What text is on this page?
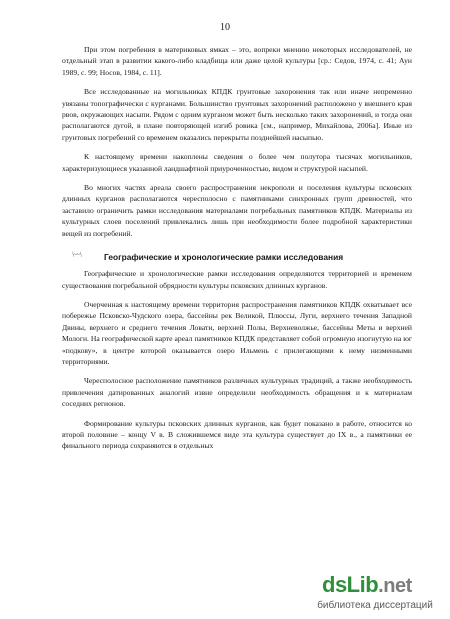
10

При этом погребения в материковых ямках – это, вопреки мнению некоторых исследователей, не отдельный этап в развитии какого-либо кладбища или даже целой культуры [ср.: Седов, 1974, с. 41; Аун 1989, с. 99; Носов, 1984, с. 11].

Все исследованные на могильниках КПДК грунтовые захоронения так или иначе непременно увязаны топографически с курганами. Большинство грунтовых захоронений расположено у внешнего края рвов, окружающих насыпи. Рядом с одним курганом может быть несколько таких захоронений, и тогда они располагаются дугой, в плане повторяющей изгиб ровика [см., например, Михайлова, 2006а]. Иные из грунтовых погребений со временем оказались перекрыты позднейшей насыпью.

К настоящему времени накоплены сведения о более чем полутора тысячах могильников, характеризующиеся указанной ландшафтной приуроченностью, видом и структурой насыпей.

Во многих частях ареала своего распространения некрополи и поселения культуры псковских длинных курганов располагаются чересполосно с памятниками синхронных групп древностей, что заставило ограничить рамки исследования материалами погребальных памятников КПДК. Материалы из культурных слоев поселений привлекались лишь при необходимости более подробной характеристики вещей из погребений.

\~~\	Географические и хронологические рамки исследования

Географические и хронологические рамки исследования определяются территорией и временем существования погребальной обрядности культуры псковских длинных курганов.

Очерченная к настоящему времени территория распространения памятников КПДК охватывает все побережье Псковско-Чудского озера, бассейны рек Великой, Плюссы, Луги, верхнего течения Западной Двины, верхнего и среднего течения Ловати, верхней Полы, Верхневолжье, бассейны Меты и верхней Мологи. На географической карте ареал памятников КПДК представляет собой огромную изогнутую на юг «подкову», в центре которой оказывается озеро Ильмень с прилегающими к нему низменными территориями.

Чересполосное расположение памятников различных культурных традиций, а также необходимость привлечения датированных аналогий извне определили необходимость обращения и к материалам соседних регионов.

Формирование культуры псковских длинных курганов, как будет показано в работе, относится ко второй половине – концу V в. В сложившемся виде эта культура существует до IX в., а памятники ее финального периода сохраняются в отдельных

dsLib.net
библиотека диссертаций
